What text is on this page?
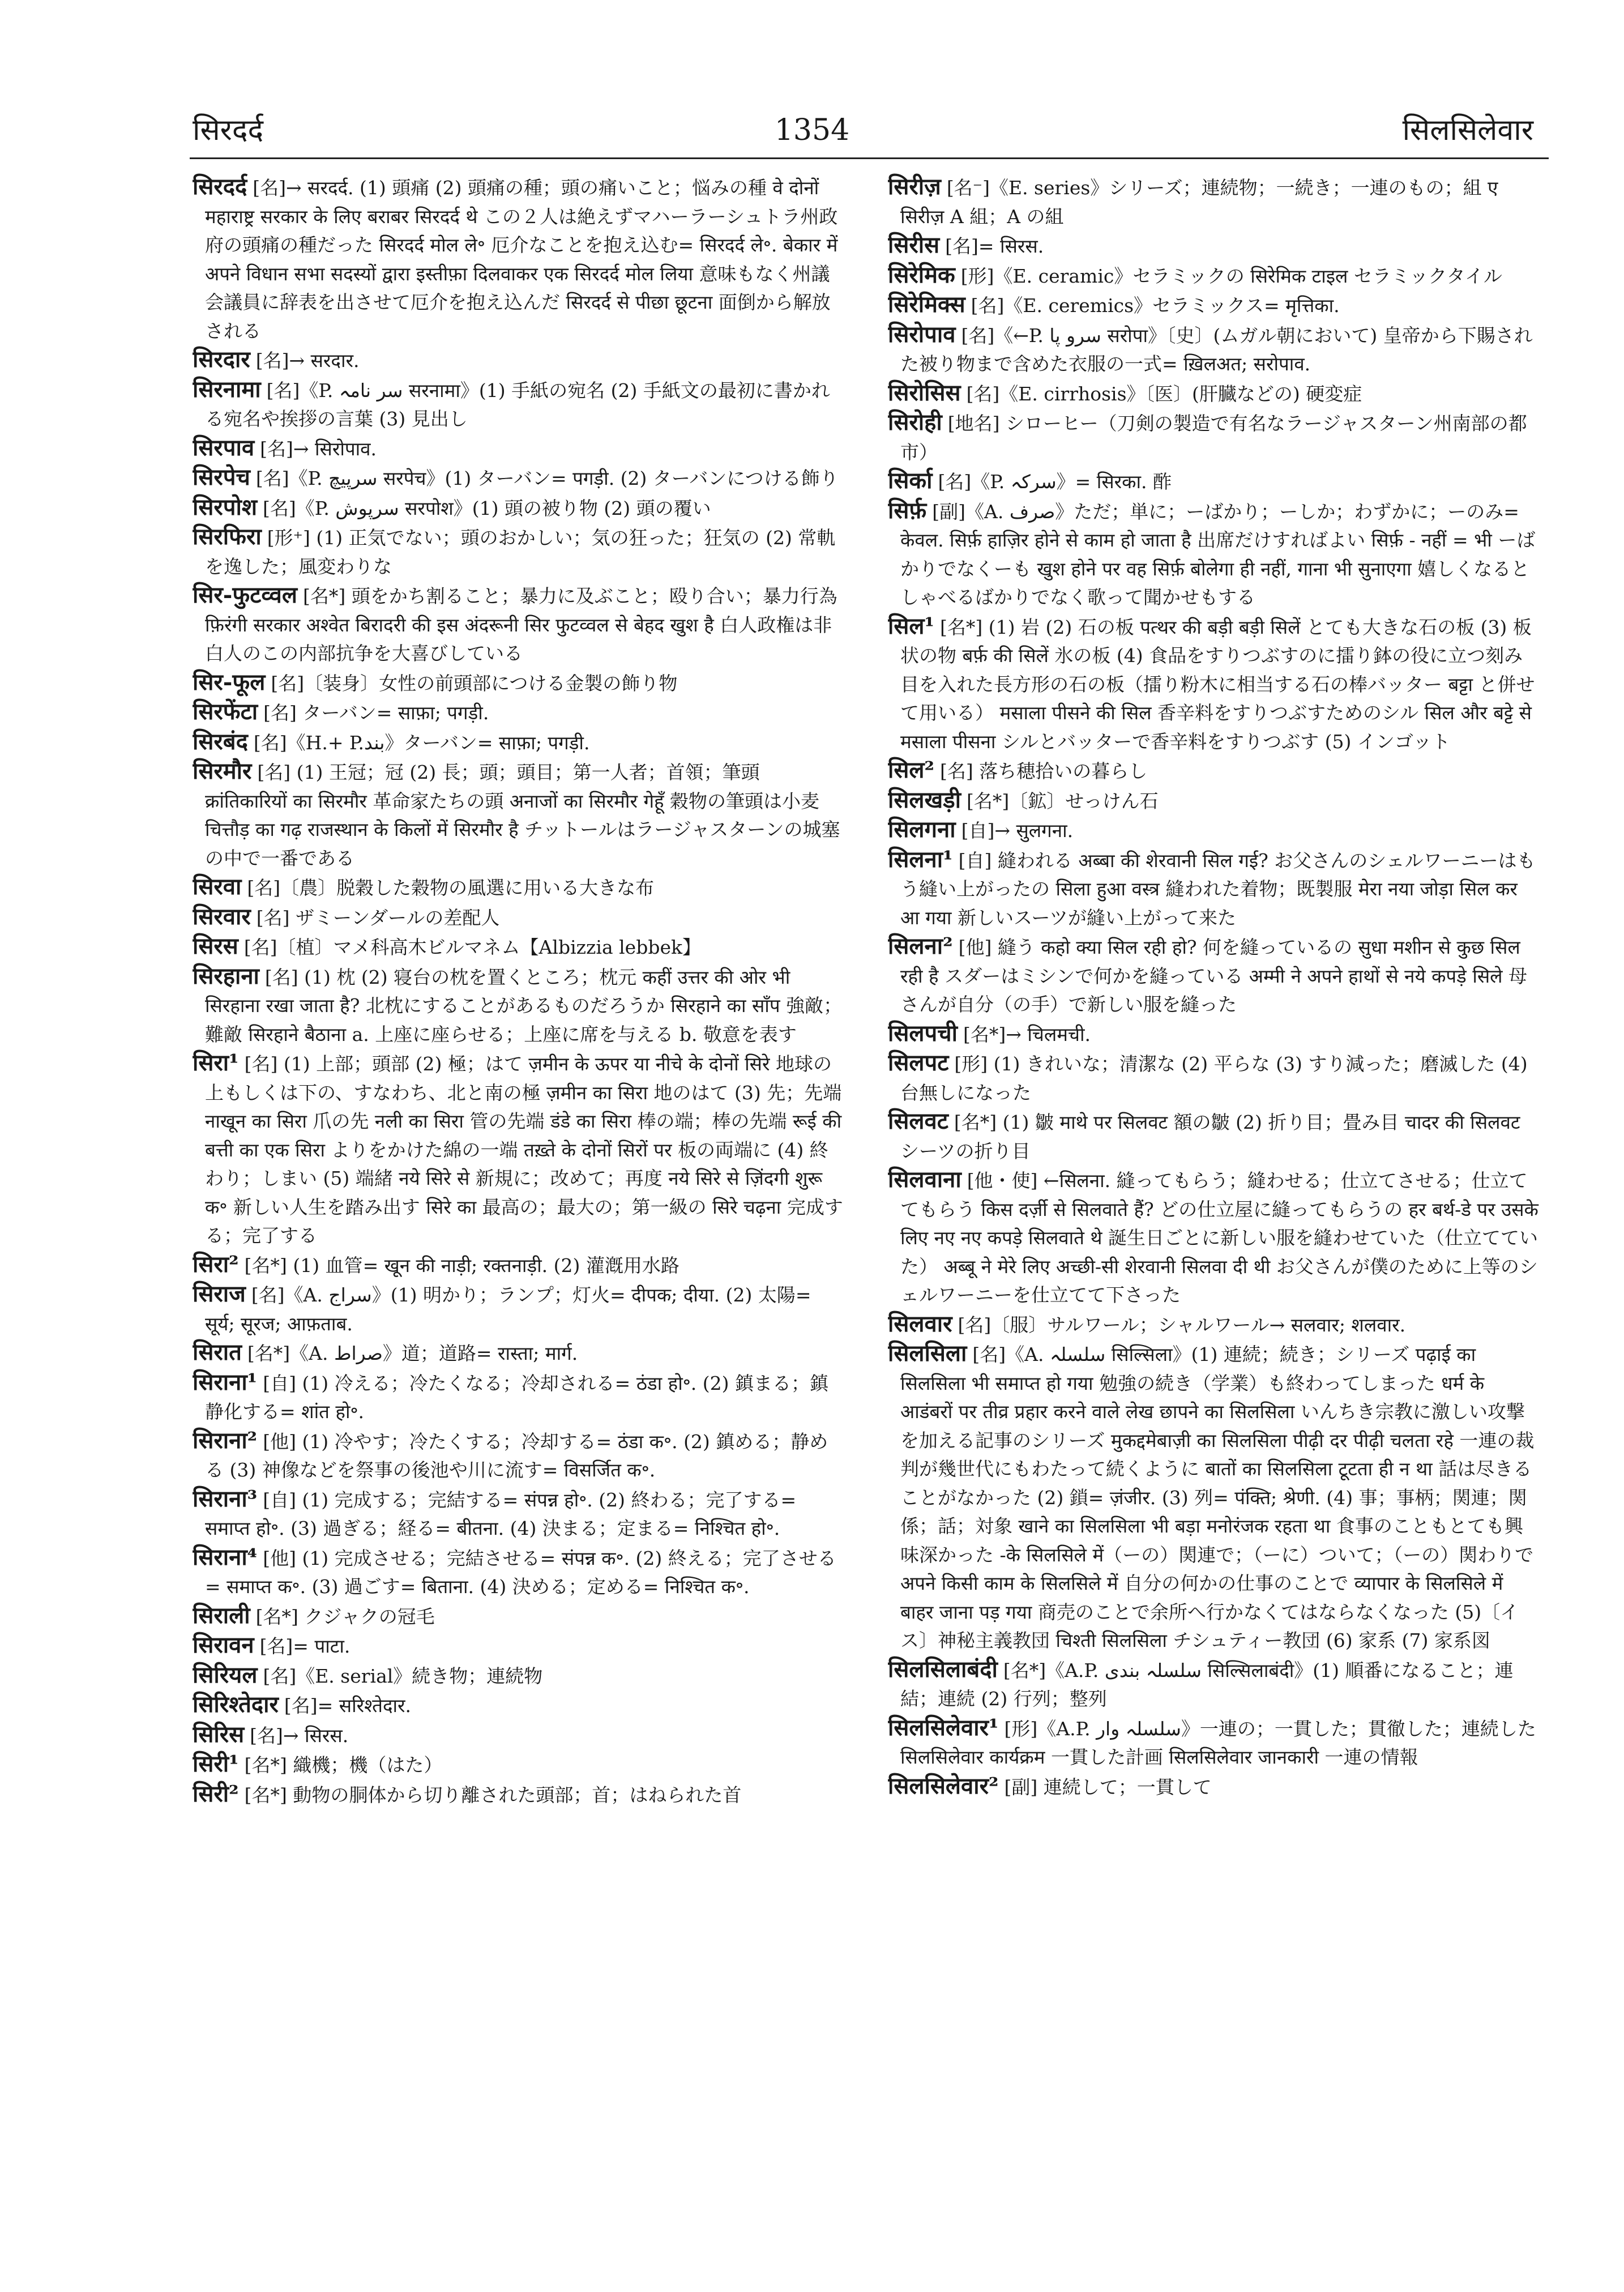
सिरदर्द	1354	सिलसिलेवार

सिरदर्द [名]→ सरदर्द. (1) 頭痛 (2) 頭痛の種；頭の痛いこと；悩みの種 वे दोनों महाराष्ट्र सरकार के लिए बराबर सिरदर्द थे この２人は絶えずマハーラーシュトラ州政府の頭痛の種だった सिरदर्द मोल ले॰ 厄介なことを抱え込む= सिरदर्द ले॰. बेकार में अपने विधान सभा सदस्यों द्वारा इस्तीफ़ा दिलवाकर एक सिरदर्द मोल लिया 意味もなく州議会議員に辞表を出させて厄介を抱え込んだ सिरदर्द से पीछा छूटना 面倒から解放される

सिरदार [名]→ सरदार.

सिरनामा [名]《P. سر نامہ सरनामा》(1) 手紙の宛名 (2) 手紙文の最初に書かれる宛名や挨拶の言葉 (3) 見出し

सिरपाव [名]→ सिरोपाव.

सिरपेच [名]《P. سرپیچ सरपेच》(1) ターバン= पगड़ी. (2) ターバンにつける飾り

सिरपोश [名]《P. سرپوش सरपोश》(1) 頭の被り物 (2) 頭の覆い

सिरफिरा [形⁺] (1) 正気でない；頭のおかしい；気の狂った；狂気の (2) 常軌を逸した；風変わりな

सिर-फुटव्वल [名*] 頭をかち割ること；暴力に及ぶこと；殴り合い；暴力行為 फ़िरंगी सरकार अश्वेत बिरादरी की इस अंदरूनी सिर फुटव्वल से बेहद खुश है 白人政権は非白人のこの内部抗争を大喜びしている

सिर-फूल [名]〔装身〕女性の前頭部につける金製の飾り物

सिरफेंटा [名] ターバン= साफ़ा; पगड़ी.

सिरबंद [名]《H.+ P.بند》ターバン= साफ़ा; पगड़ी.

सिरमौर [名] (1) 王冠；冠 (2) 長；頭；頭目；第一人者；首領；筆頭 क्रांतिकारियों का सिरमौर 革命家たちの頭 अनाजों का सिरमौर गेहूँ 穀物の筆頭は小麦 चित्तौड़ का गढ़ राजस्थान के किलों में सिरमौर है チットールはラージャスターンの城塞の中で一番である

सिरवा [名]〔農〕脱穀した穀物の風選に用いる大きな布

सिरवार [名] ザミーンダールの差配人

सिरस [名]〔植〕マメ科高木ビルマネム【Albizzia lebbek】

सिरहाना [名] (1) 枕 (2) 寝台の枕を置くところ；枕元 कहीं उत्तर की ओर भी सिरहाना रखा जाता है? 北枕にすることがあるものだろうか सिरहाने का साँप 強敵；難敵 सिरहाने बैठाना a. 上座に座らせる；上座に席を与える b. 敬意を表す

सिरा¹ [名] (1) 上部；頭部 (2) 極；はて ज़मीन के ऊपर या नीचे के दोनों सिरे 地球の上もしくは下の、すなわち、北と南の極 ज़मीन का सिरा 地のはて (3) 先；先端 नाखून का सिरा 爪の先 नली का सिरा 管の先端 डंडे का सिरा 棒の端；棒の先端 रूई की बत्ती का एक सिरा よりをかけた綿の一端 तख़्ते के दोनों सिरों पर 板の両端に (4) 終わり；しまい (5) 端緒 नये सिरे से 新規に；改めて；再度 नये सिरे से ज़िंदगी शुरू क॰ 新しい人生を踏み出す सिरे का 最高の；最大の；第一級の सिरे चढ़ना 完成する；完了する

सिरा² [名*] (1) 血管= खून की नाड़ी; रक्तनाड़ी. (2) 灌漑用水路

सिराज [名]《A. سراج》(1) 明かり；ランプ；灯火= दीपक; दीया. (2) 太陽= सूर्य; सूरज; आफ़ताब.

सिरात [名*]《A. صراط》道；道路= रास्ता; मार्ग.

सिराना¹ [自] (1) 冷える；冷たくなる；冷却される= ठंडा हो॰. (2) 鎮まる；鎮静化する= शांत हो॰.

सिराना² [他] (1) 冷やす；冷たくする；冷却する= ठंडा क॰. (2) 鎮める；静める (3) 神像などを祭事の後池や川に流す= विसर्जित क॰.

सिराना³ [自] (1) 完成する；完結する= संपन्न हो॰. (2) 終わる；完了する= समाप्त हो॰. (3) 過ぎる；経る= बीतना. (4) 決まる；定まる= निश्चित हो॰.

सिराना⁴ [他] (1) 完成させる；完結させる= संपन्न क॰. (2) 終える；完了させる= समाप्त क॰. (3) 過ごす= बिताना. (4) 決める；定める= निश्चित क॰.

सिराली [名*] クジャクの冠毛

सिरावन [名]= पाटा.

सिरियल [名]《E. serial》続き物；連続物

सिरिश्तेदार [名]= सरिश्तेदार.

सिरिस [名]→ सिरस.

सिरी¹ [名*] 織機；機（はた）

सिरी² [名*] 動物の胴体から切り離された頭部；首；はねられた首

सिरीज़ [名⁻]《E. series》シリーズ；連続物；一続き；一連のもの；組 ए सिरीज़ A 組；A の組

सिरीस [名]= सिरस.

सिरेमिक [形]《E. ceramic》セラミックの सिरेमिक टाइल セラミックタイル

सिरेमिक्स [名]《E. ceremics》セラミックス= मृत्तिका.

सिरोपाव [名]《←P. سرو پا सरोपा》〔史〕(ムガル朝において) 皇帝から下賜された被り物まで含めた衣服の一式= ख़िलअत; सरोपाव.

सिरोसिस [名]《E. cirrhosis》〔医〕(肝臓などの) 硬変症

सिरोही [地名] シローヒー（刀剣の製造で有名なラージャスターン州南部の都市）

सिर्का [名]《P. سرکہ》= सिरका. 酢

सिर्फ़ [副]《A. صرف》ただ；単に；ーばかり；ーしか；わずかに；ーのみ= केवल. सिर्फ़ हाज़िर होने से काम हो जाता है 出席だけすればよい सिर्फ़ - नहीं = भी ーばかりでなくーも खुश होने पर वह सिर्फ़ बोलेगा ही नहीं, गाना भी सुनाएगा 嬉しくなるとしゃべるばかりでなく歌って聞かせもする

सिल¹ [名*] (1) 岩 (2) 石の板 पत्थर की बड़ी बड़ी सिलें とても大きな石の板 (3) 板状の物 बर्फ़ की सिलें 氷の板 (4) 食品をすりつぶすのに擂り鉢の役に立つ刻み目を入れた長方形の石の板（擂り粉木に相当する石の棒バッター बट्टा と併せて用いる） मसाला पीसने की सिल 香辛料をすりつぶすためのシル सिल और बट्टे से मसाला पीसना シルとバッターで香辛料をすりつぶす (5) インゴット

सिल² [名] 落ち穂拾いの暮らし

सिलखड़ी [名*]〔鉱〕せっけん石

सिलगना [自]→ सुलगना.

सिलना¹ [自] 縫われる अब्बा की शेरवानी सिल गई? お父さんのシェルワーニーはもう縫い上がったの सिला हुआ वस्त्र 縫われた着物；既製服 मेरा नया जोड़ा सिल कर आ गया 新しいスーツが縫い上がって来た

सिलना² [他] 縫う कहो क्या सिल रही हो? 何を縫っているの सुधा मशीन से कुछ सिल रही है スダーはミシンで何かを縫っている अम्मी ने अपने हाथों से नये कपड़े सिले 母さんが自分（の手）で新しい服を縫った

सिलपची [名*]→ चिलमची.

सिलपट [形] (1) きれいな；清潔な (2) 平らな (3) すり減った；磨滅した (4) 台無しになった

सिलवट [名*] (1) 皺 माथे पर सिलवट 額の皺 (2) 折り目；畳み目 चादर की सिलवट シーツの折り目

सिलवाना [他・使] ←सिलना. 縫ってもらう；縫わせる；仕立てさせる；仕立ててもらう किस दर्ज़ी से सिलवाते हैं? どの仕立屋に縫ってもらうの हर बर्थ-डे पर उसके लिए नए नए कपड़े सिलवाते थे 誕生日ごとに新しい服を縫わせていた（仕立てていた） अब्बू ने मेरे लिए अच्छी-सी शेरवानी सिलवा दी थी お父さんが僕のために上等のシェルワーニーを仕立てて下さった

सिलवार [名]〔服〕サルワール；シャルワール→ सलवार; शलवार.

सिलसिला [名]《A. سلسلہ सिल्सिला》(1) 連続；続き；シリーズ पढ़ाई का सिलसिला भी समाप्त हो गया 勉強の続き（学業）も終わってしまった धर्म के आडंबरों पर तीव्र प्रहार करने वाले लेख छापने का सिलसिला いんちき宗教に激しい攻撃を加える記事のシリーズ मुकद्दमेबाज़ी का सिलसिला पीढ़ी दर पीढ़ी चलता रहे 一連の裁判が幾世代にもわたって続くように बातों का सिलसिला टूटता ही न था 話は尽きることがなかった (2) 鎖= ज़ंजीर. (3) 列= पंक्ति; श्रेणी. (4) 事；事柄；関連；関係；話；対象 खाने का सिलसिला भी बड़ा मनोरंजक रहता था 食事のこともとても興味深かった -के सिलसिले में（ーの）関連で；（ーに）ついて；（ーの）関わりで अपने किसी काम के सिलसिले में 自分の何かの仕事のことで व्यापार के सिलसिले में बाहर जाना पड़ गया 商売のことで余所へ行かなくてはならなくなった (5)〔イス〕神秘主義教団 चिश्ती सिलसिला チシュティー教団 (6) 家系 (7) 家系図

सिलसिलाबंदी [名*]《A.P. سلسلہ بندی सिल्सिलाबंदी》(1) 順番になること；連結；連続 (2) 行列；整列

सिलसिलेवार¹ [形]《A.P. سلسلہ وار》一連の；一貫した；貫徹した；連続した सिलसिलेवार कार्यक्रम 一貫した計画 सिलसिलेवार जानकारी 一連の情報

सिलसिलेवार² [副] 連続して；一貫して
